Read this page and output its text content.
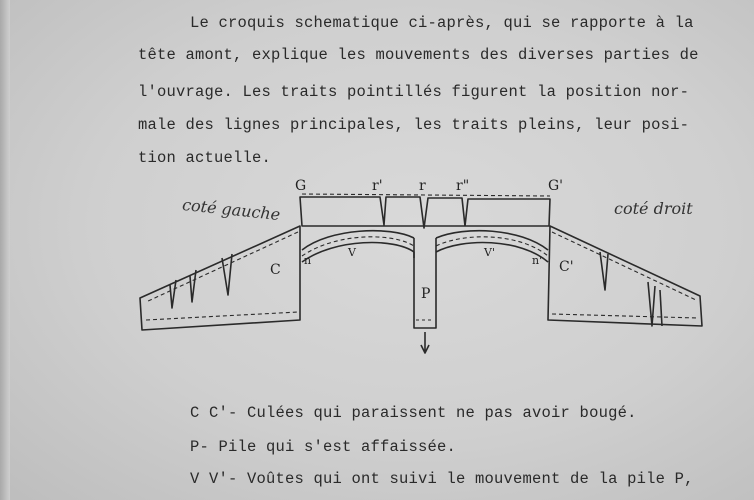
Le croquis schematique ci-après, qui se rapporte à la
tête amont, explique les mouvements des diverses parties de
l'ouvrage. Les traits pointillés figurent la position nor-
male des lignes principales, les traits pleins, leur posi-
tion actuelle.
coté gauche	coté droit
G	G'
r'	r r"
C	C'
n	n'
V	V'
P
C C'- Culées qui paraissent ne pas avoir bougé.
P- Pile qui s'est affaissée.
V V'- Voûtes qui ont suivi le mouvement de la pile P,
